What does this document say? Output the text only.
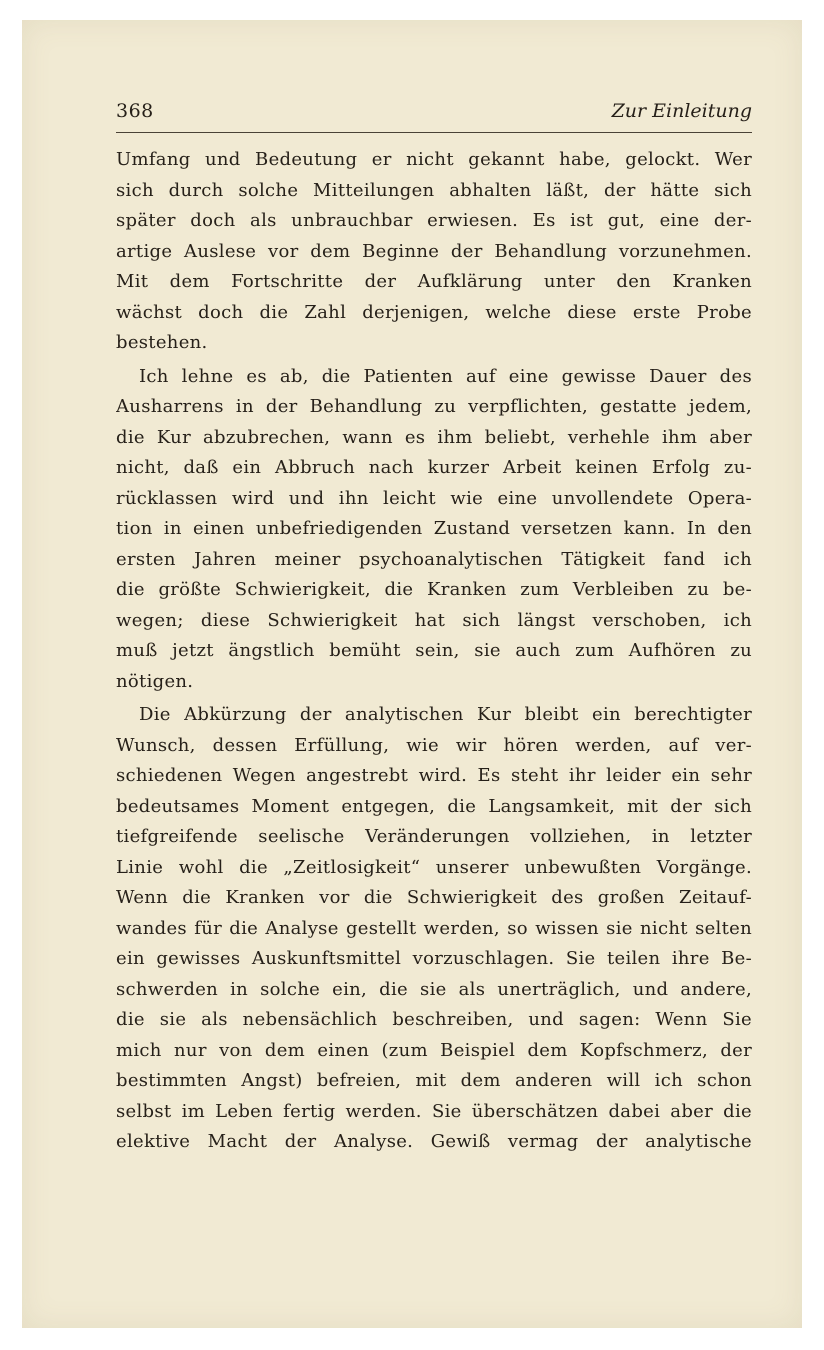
368	Zur Einleitung
Umfang und Bedeutung er nicht gekannt habe, gelockt. Wer
sich durch solche Mitteilungen abhalten läßt, der hätte sich
später doch als unbrauchbar erwiesen. Es ist gut, eine der-
artige Auslese vor dem Beginne der Behandlung vorzunehmen.
Mit dem Fortschritte der Aufklärung unter den Kranken
wächst doch die Zahl derjenigen, welche diese erste Probe
bestehen.
Ich lehne es ab, die Patienten auf eine gewisse Dauer des
Ausharrens in der Behandlung zu verpflichten, gestatte jedem,
die Kur abzubrechen, wann es ihm beliebt, verhehle ihm aber
nicht, daß ein Abbruch nach kurzer Arbeit keinen Erfolg zu-
rücklassen wird und ihn leicht wie eine unvollendete Opera-
tion in einen unbefriedigenden Zustand versetzen kann. In den
ersten Jahren meiner psychoanalytischen Tätigkeit fand ich
die größte Schwierigkeit, die Kranken zum Verbleiben zu be-
wegen; diese Schwierigkeit hat sich längst verschoben, ich
muß jetzt ängstlich bemüht sein, sie auch zum Aufhören zu
nötigen.
Die Abkürzung der analytischen Kur bleibt ein berechtigter
Wunsch, dessen Erfüllung, wie wir hören werden, auf ver-
schiedenen Wegen angestrebt wird. Es steht ihr leider ein sehr
bedeutsames Moment entgegen, die Langsamkeit, mit der sich
tiefgreifende seelische Veränderungen vollziehen, in letzter
Linie wohl die „Zeitlosigkeit“ unserer unbewußten Vorgänge.
Wenn die Kranken vor die Schwierigkeit des großen Zeitauf-
wandes für die Analyse gestellt werden, so wissen sie nicht selten
ein gewisses Auskunftsmittel vorzuschlagen. Sie teilen ihre Be-
schwerden in solche ein, die sie als unerträglich, und andere,
die sie als nebensächlich beschreiben, und sagen: Wenn Sie
mich nur von dem einen (zum Beispiel dem Kopfschmerz, der
bestimmten Angst) befreien, mit dem anderen will ich schon
selbst im Leben fertig werden. Sie überschätzen dabei aber die
elektive Macht der Analyse. Gewiß vermag der analytische
